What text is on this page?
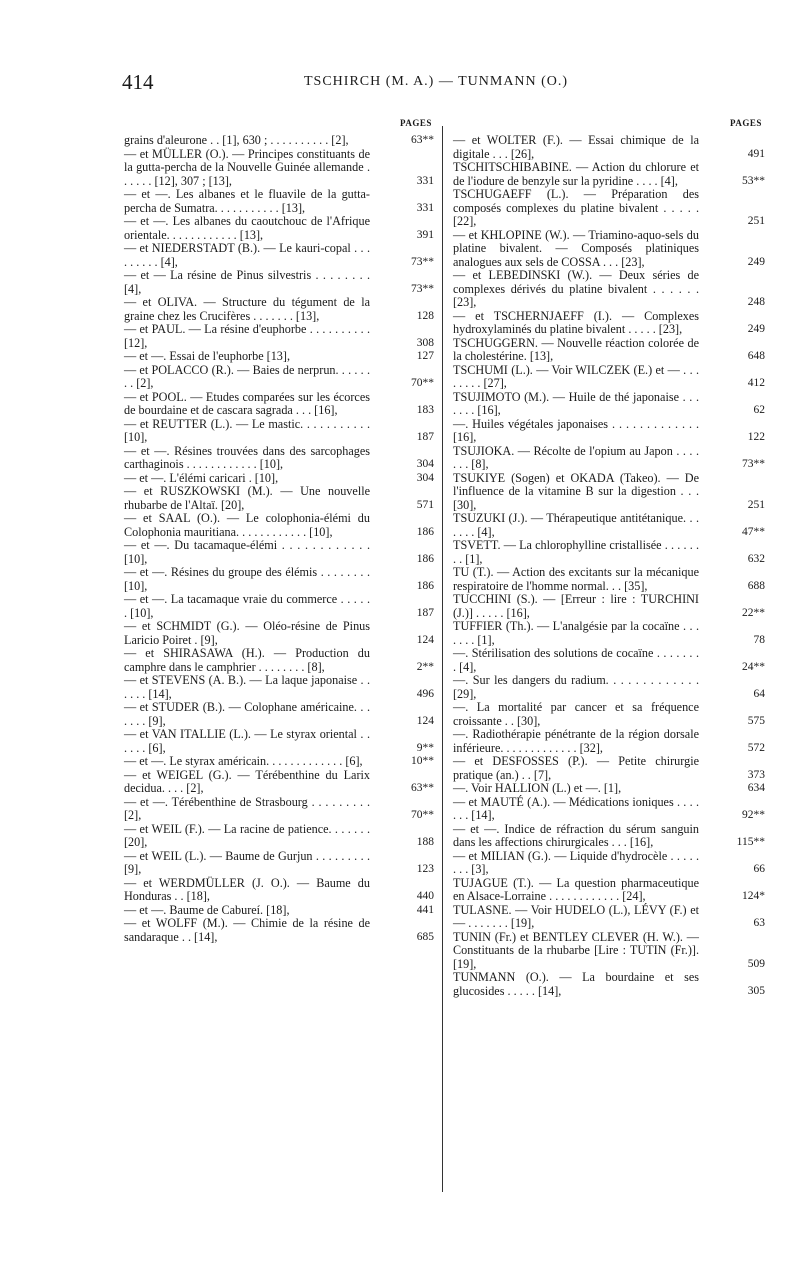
414	TSCHIRCH (M. A.) — TUNMANN (O.)
PAGES	PAGES
grains d'aleurone . . [1], 630 ; . . . . . . . . . . [2],	63**
— et MÜLLER (O.). — Principes constituants de la gutta-percha de la Nouvelle Guinée allemande . . . . . . [12], 307 ; [13],	331
— et —. Les albanes et le fluavile de la gutta-percha de Sumatra. . . . . . . . . . . [13],	331
— et —. Les albanes du caoutchouc de l'Afrique orientale. . . . . . . . . . . . [13],	391
— et NIEDERSTADT (B.). — Le kauri-copal . . . . . . . . . [4],	73**
— et — La résine de Pinus silvestris . . . . . . . . [4],	73**
— et OLIVA. — Structure du tégument de la graine chez les Crucifères . . . . . . . [13],	128
— et PAUL. — La résine d'euphorbe . . . . . . . . . . [12],	308
— et —. Essai de l'euphorbe [13],	127
— et POLACCO (R.). — Baies de nerprun. . . . . . . . [2],	70**
— et POOL. — Etudes comparées sur les écorces de bourdaine et de cascara sagrada . . . [16],	183
— et REUTTER (L.). — Le mastic. . . . . . . . . . . [10],	187
— et —. Résines trouvées dans des sarcophages carthaginois . . . . . . . . . . . . [10],	304
— et —. L'élémi caricari . [10],	304
— et RUSZKOWSKI (M.). — Une nouvelle rhubarbe de l'Altaï. [20],	571
— et SAAL (O.). — Le colophonia-élémi du Colophonia mauritiana. . . . . . . . . . . . [10],	186
— et —. Du tacamaque-élémi . . . . . . . . . . . . [10],	186
— et —. Résines du groupe des élémis . . . . . . . . [10],	186
— et —. La tacamaque vraie du commerce . . . . . . [10],	187
— et SCHMIDT (G.). — Oléo-résine de Pinus Laricio Poiret . [9],	124
— et SHIRASAWA (H.). — Production du camphre dans le camphrier . . . . . . . . [8],	2**
— et STEVENS (A. B.). — La laque japonaise . . . . . . [14],	496
— et STUDER (B.). — Colophane américaine. . . . . . . [9],	124
— et VAN ITALLIE (L.). — Le styrax oriental . . . . . . [6],	9**
— et —. Le styrax américain. . . . . . . . . . . . . [6],	10**
— et WEIGEL (G.). — Térébenthine du Larix decidua. . . . [2],	63**
— et —. Térébenthine de Strasbourg . . . . . . . . . [2],	70**
— et WEIL (F.). — La racine de patience. . . . . . . [20],	188
— et WEIL (L.). — Baume de Gurjun . . . . . . . . . [9],	123
— et WERDMÜLLER (J. O.). — Baume du Honduras . . [18],	440
— et —. Baume de Cabureí. [18],	441
— et WOLFF (M.). — Chimie de la résine de sandaraque . . [14],	685
— et WOLTER (F.). — Essai chimique de la digitale . . . [26],	491
TSCHITSCHIBABINE. — Action du chlorure et de l'iodure de benzyle sur la pyridine . . . . [4],	53**
TSCHUGAEFF (L.). — Préparation des composés complexes du platine bivalent . . . . . [22],	251
— et KHLOPINE (W.). — Triamino-aquo-sels du platine bivalent. — Composés platiniques analogues aux sels de COSSA . . . [23],	249
— et LEBEDINSKI (W.). — Deux séries de complexes dérivés du platine bivalent . . . . . . [23],	248
— et TSCHERNJAEFF (I.). — Complexes hydroxylaminés du platine bivalent . . . . . [23],	249
TSCHUGGERN. — Nouvelle réaction colorée de la cholestérine. [13],	648
TSCHUMI (L.). — Voir WILCZEK (E.) et — . . . . . . . . [27],	412
TSUJIMOTO (M.). — Huile de thé japonaise . . . . . . . [16],	62
—. Huiles végétales japonaises . . . . . . . . . . . . . [16],	122
TSUJIOKA. — Récolte de l'opium au Japon . . . . . . . [8],	73**
TSUKIYE (Sogen) et OKADA (Takeo). — De l'influence de la vitamine B sur la digestion . . . [30],	251
TSUZUKI (J.). — Thérapeutique antitétanique. . . . . . . [4],	47**
TSVETT. — La chlorophylline cristallisée . . . . . . . . [1],	632
TU (T.). — Action des excitants sur la mécanique respiratoire de l'homme normal. . . [35],	688
TUCCHINI (S.). — [Erreur : lire : TURCHINI (J.)] . . . . . [16],	22**
TUFFIER (Th.). — L'analgésie par la cocaïne . . . . . . . [1],	78
—. Stérilisation des solutions de cocaïne . . . . . . . . [4],	24**
—. Sur les dangers du radium. . . . . . . . . . . . . [29],	64
—. La mortalité par cancer et sa fréquence croissante . . [30],	575
—. Radiothérapie pénétrante de la région dorsale inférieure. . . . . . . . . . . . . [32],	572
— et DESFOSSES (P.). — Petite chirurgie pratique (an.) . . [7],	373
—. Voir HALLION (L.) et —. [1],	634
— et MAUTÉ (A.). — Médications ioniques . . . . . . . [14],	92**
— et —. Indice de réfraction du sérum sanguin dans les affections chirurgicales . . . [16],	115**
— et MILIAN (G.). — Liquide d'hydrocèle . . . . . . . . [3],	66
TUJAGUE (T.). — La question pharmaceutique en Alsace-Lorraine . . . . . . . . . . . . [24],	124*
TULASNE. — Voir HUDELO (L.), LÉVY (F.) et — . . . . . . . [19],	63
TUNIN (Fr.) et BENTLEY CLEVER (H. W.). — Constituants de la rhubarbe [Lire : TUTIN (Fr.)]. [19],	509
TUNMANN (O.). — La bourdaine et ses glucosides . . . . . [14],	305
